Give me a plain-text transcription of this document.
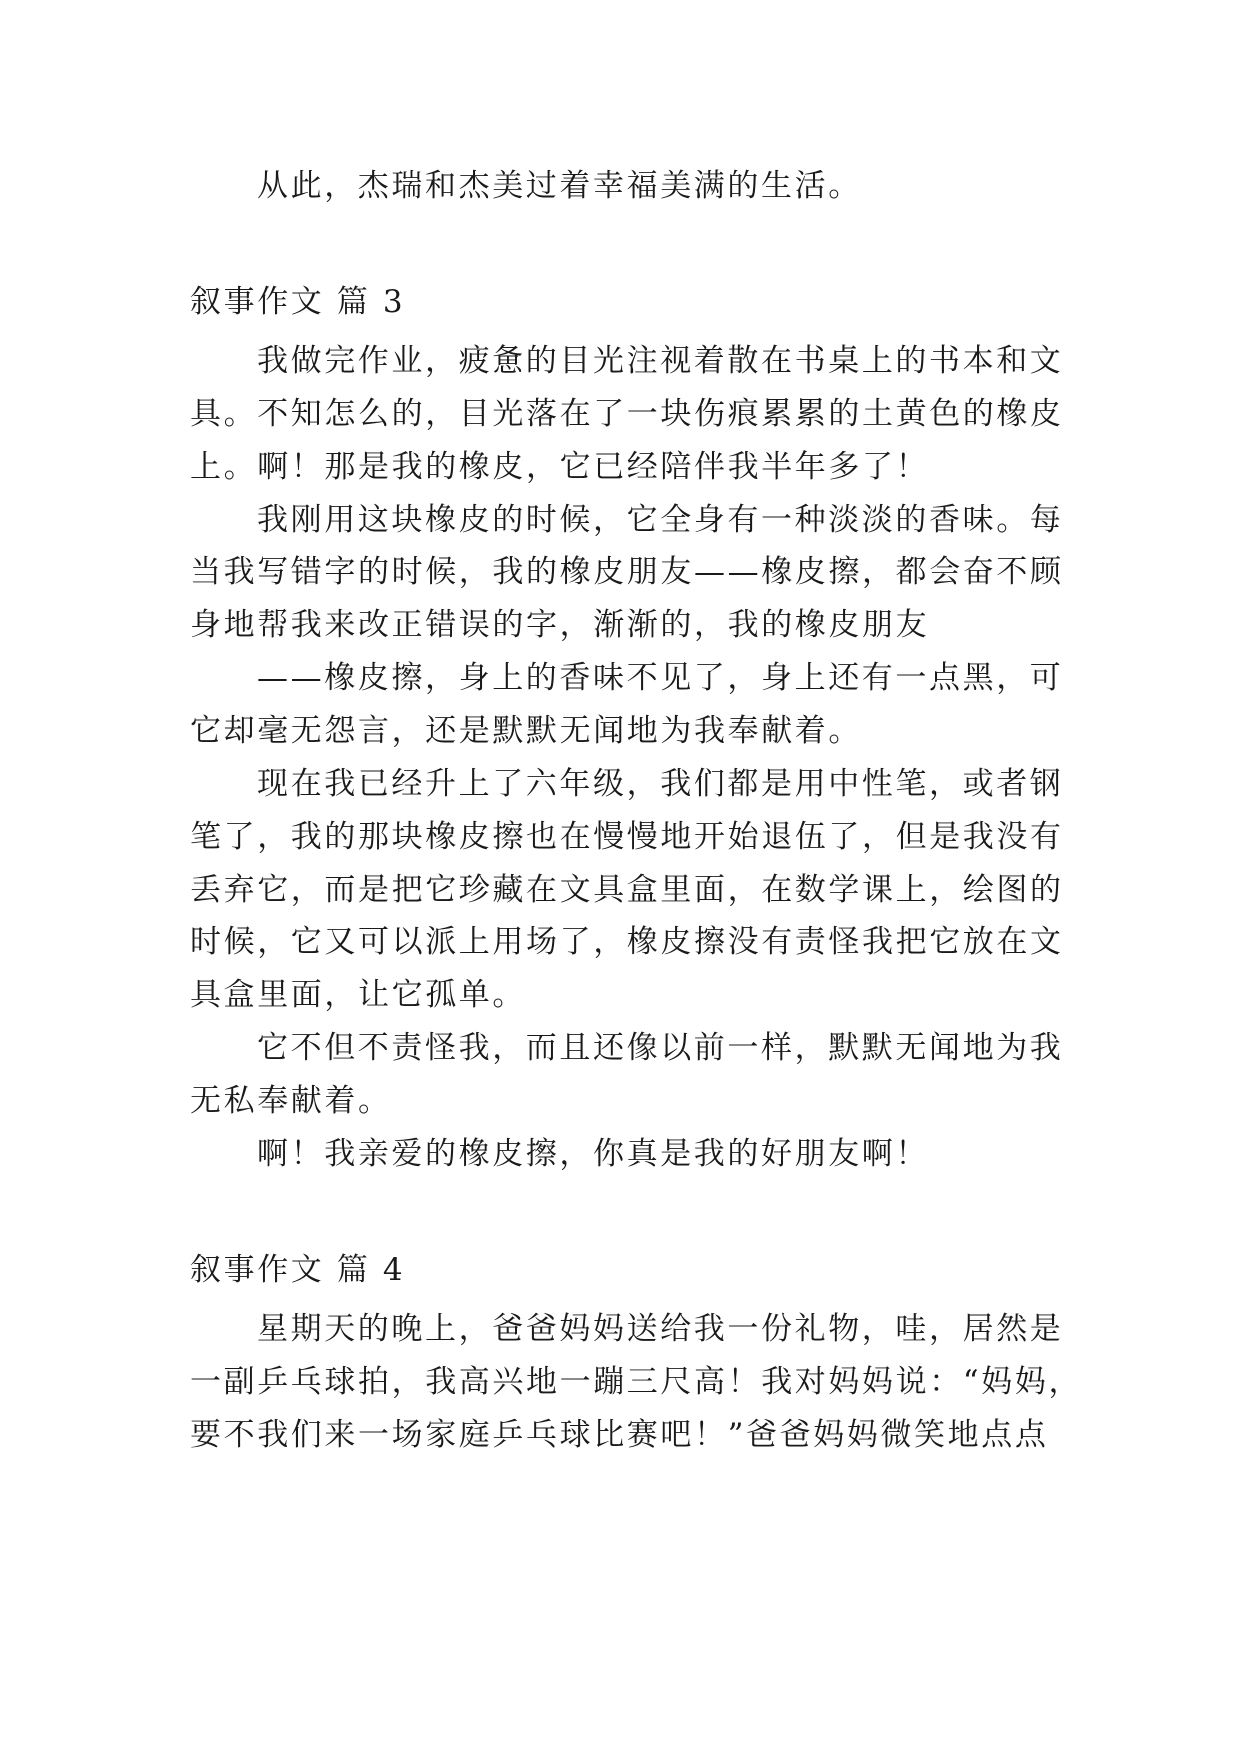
从此，杰瑞和杰美过着幸福美满的生活。
叙事作文 篇 3
我做完作业，疲惫的目光注视着散在书桌上的书本和文
具。不知怎么的，目光落在了一块伤痕累累的土黄色的橡皮
上。啊！那是我的橡皮，它已经陪伴我半年多了！
我刚用这块橡皮的时候，它全身有一种淡淡的香味。每
当我写错字的时候，我的橡皮朋友——橡皮擦，都会奋不顾
身地帮我来改正错误的字，渐渐的，我的橡皮朋友
——橡皮擦，身上的香味不见了，身上还有一点黑，可
它却毫无怨言，还是默默无闻地为我奉献着。
现在我已经升上了六年级，我们都是用中性笔，或者钢
笔了，我的那块橡皮擦也在慢慢地开始退伍了，但是我没有
丢弃它，而是把它珍藏在文具盒里面，在数学课上，绘图的
时候，它又可以派上用场了，橡皮擦没有责怪我把它放在文
具盒里面，让它孤单。
它不但不责怪我，而且还像以前一样，默默无闻地为我
无私奉献着。
啊！我亲爱的橡皮擦，你真是我的好朋友啊！
叙事作文 篇 4
星期天的晚上，爸爸妈妈送给我一份礼物，哇，居然是
一副乒乓球拍，我高兴地一蹦三尺高！我对妈妈说：“妈妈，
要不我们来一场家庭乒乓球比赛吧！”爸爸妈妈微笑地点点
